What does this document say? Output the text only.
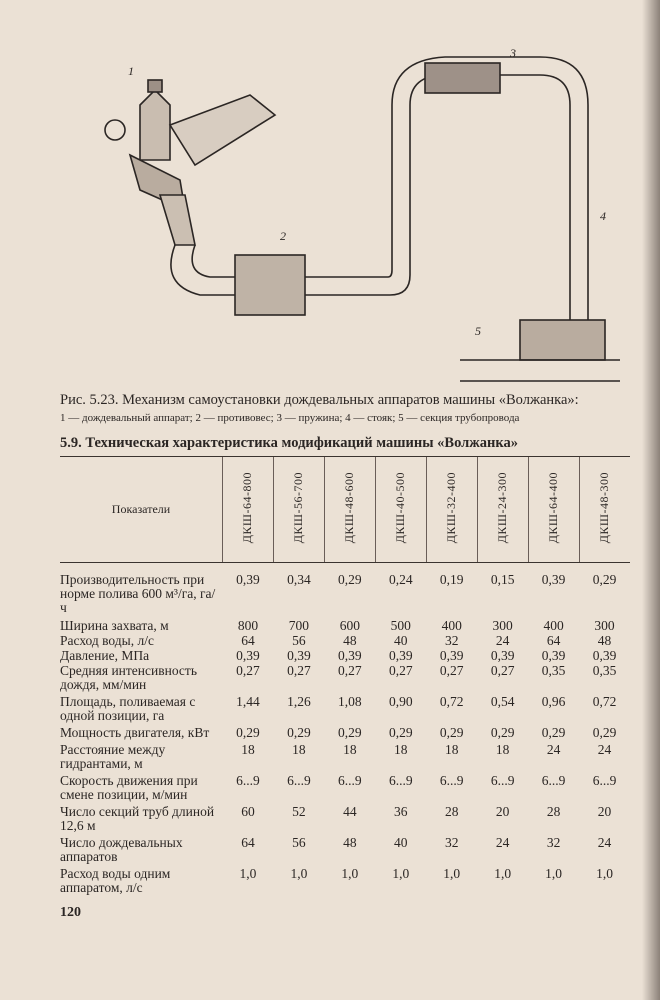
1
2
3
4
5
Рис. 5.23. Механизм самоустановки дождевальных аппаратов машины «Волжанка»:
1 — дождевальный аппарат; 2 — противовес; 3 — пружина; 4 — стояк; 5 — секция трубопровода
5.9. Техническая характеристика модификаций машины «Волжанка»
Показатели	ДКШ-64-800	ДКШ-56-700	ДКШ-48-600	ДКШ-40-500	ДКШ-32-400	ДКШ-24-300	ДКШ-64-400	ДКШ-48-300
Производительность при норме полива 600 м³/га, га/ч	0,39	0,34	0,29	0,24	0,19	0,15	0,39	0,29
Ширина захвата, м	800	700	600	500	400	300	400	300
Расход воды, л/с	64	56	48	40	32	24	64	48
Давление, МПа	0,39	0,39	0,39	0,39	0,39	0,39	0,39	0,39
Средняя интенсивность дождя, мм/мин	0,27	0,27	0,27	0,27	0,27	0,27	0,35	0,35
Площадь, поливаемая с одной позиции, га	1,44	1,26	1,08	0,90	0,72	0,54	0,96	0,72
Мощность двигателя, кВт	0,29	0,29	0,29	0,29	0,29	0,29	0,29	0,29
Расстояние между гидрантами, м	18	18	18	18	18	18	24	24
Скорость движения при смене позиции, м/мин	6...9	6...9	6...9	6...9	6...9	6...9	6...9	6...9
Число секций труб длиной 12,6 м	60	52	44	36	28	20	28	20
Число дождевальных аппаратов	64	56	48	40	32	24	32	24
Расход воды одним аппаратом, л/с	1,0	1,0	1,0	1,0	1,0	1,0	1,0	1,0
120
